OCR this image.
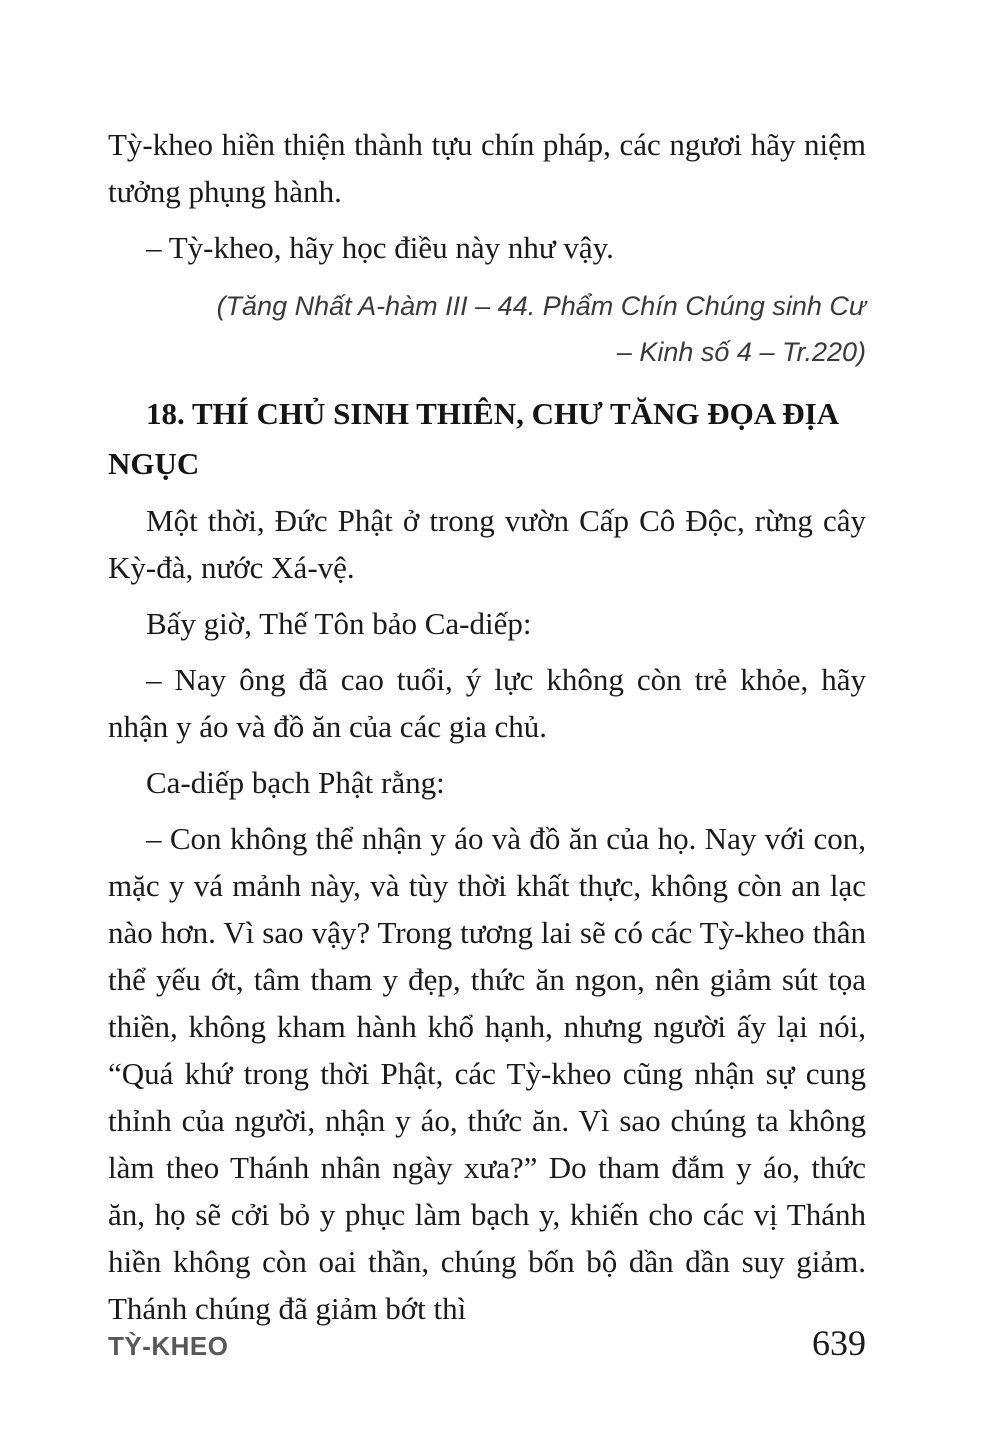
Tỳ-kheo hiền thiện thành tựu chín pháp, các ngươi hãy niệm tưởng phụng hành.

– Tỳ-kheo, hãy học điều này như vậy.

(Tăng Nhất A-hàm III – 44. Phẩm Chín Chúng sinh Cư
– Kinh số 4 – Tr.220)
18. THÍ CHỦ SINH THIÊN, CHƯ TĂNG ĐỌA ĐỊA NGỤC

Một thời, Đức Phật ở trong vườn Cấp Cô Độc, rừng cây Kỳ-đà, nước Xá-vệ.

Bấy giờ, Thế Tôn bảo Ca-diếp:

– Nay ông đã cao tuổi, ý lực không còn trẻ khỏe, hãy nhận y áo và đồ ăn của các gia chủ.

Ca-diếp bạch Phật rằng:

– Con không thể nhận y áo và đồ ăn của họ. Nay với con, mặc y vá mảnh này, và tùy thời khất thực, không còn an lạc nào hơn. Vì sao vậy? Trong tương lai sẽ có các Tỳ-kheo thân thể yếu ớt, tâm tham y đẹp, thức ăn ngon, nên giảm sút tọa thiền, không kham hành khổ hạnh, nhưng người ấy lại nói, “Quá khứ trong thời Phật, các Tỳ-kheo cũng nhận sự cung thỉnh của người, nhận y áo, thức ăn. Vì sao chúng ta không làm theo Thánh nhân ngày xưa?” Do tham đắm y áo, thức ăn, họ sẽ cởi bỏ y phục làm bạch y, khiến cho các vị Thánh hiền không còn oai thần, chúng bốn bộ dần dần suy giảm. Thánh chúng đã giảm bớt thì

TỲ-KHEO	639
